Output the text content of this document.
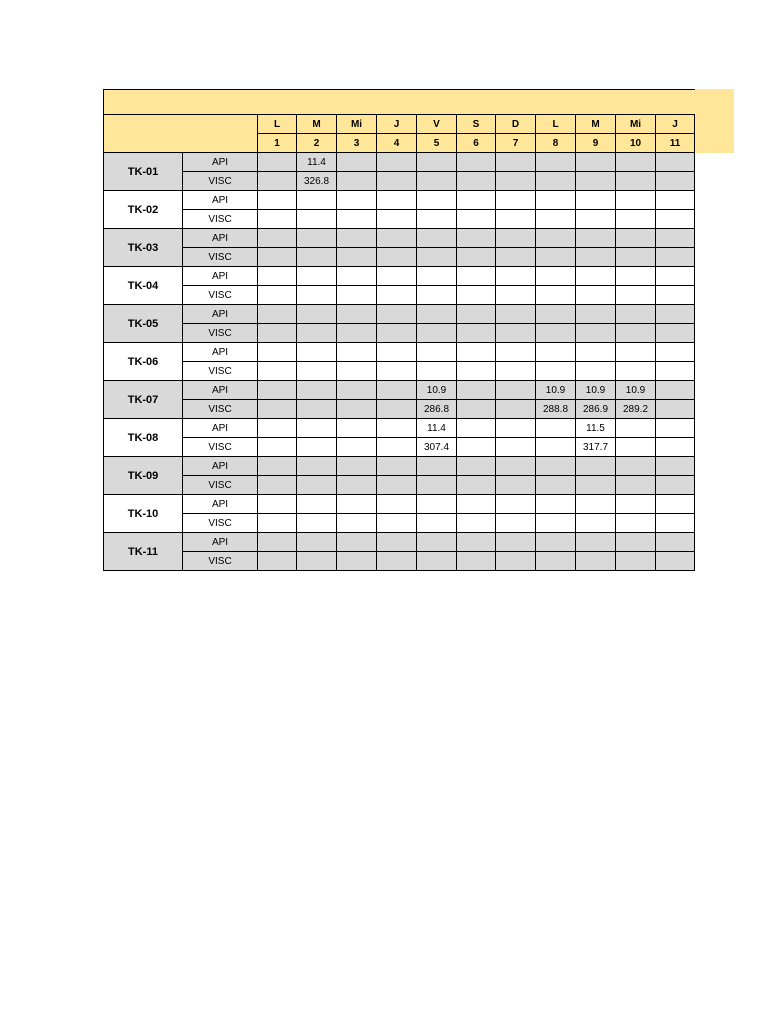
		L	M	Mi	J	V	S	D	L	M	Mi	J
		1	2	3	4	5	6	7	8	9	10	11
TK-01	API		11.4									
	VISC		326.8									
TK-02	API											
	VISC											
TK-03	API											
	VISC											
TK-04	API											
	VISC											
TK-05	API											
	VISC											
TK-06	API											
	VISC											
TK-07	API					10.9			10.9	10.9	10.9	
	VISC					286.8			288.8	286.9	289.2	
TK-08	API					11.4				11.5		
	VISC					307.4				317.7		
TK-09	API											
	VISC											
TK-10	API											
	VISC											
TK-11	API											
	VISC											
